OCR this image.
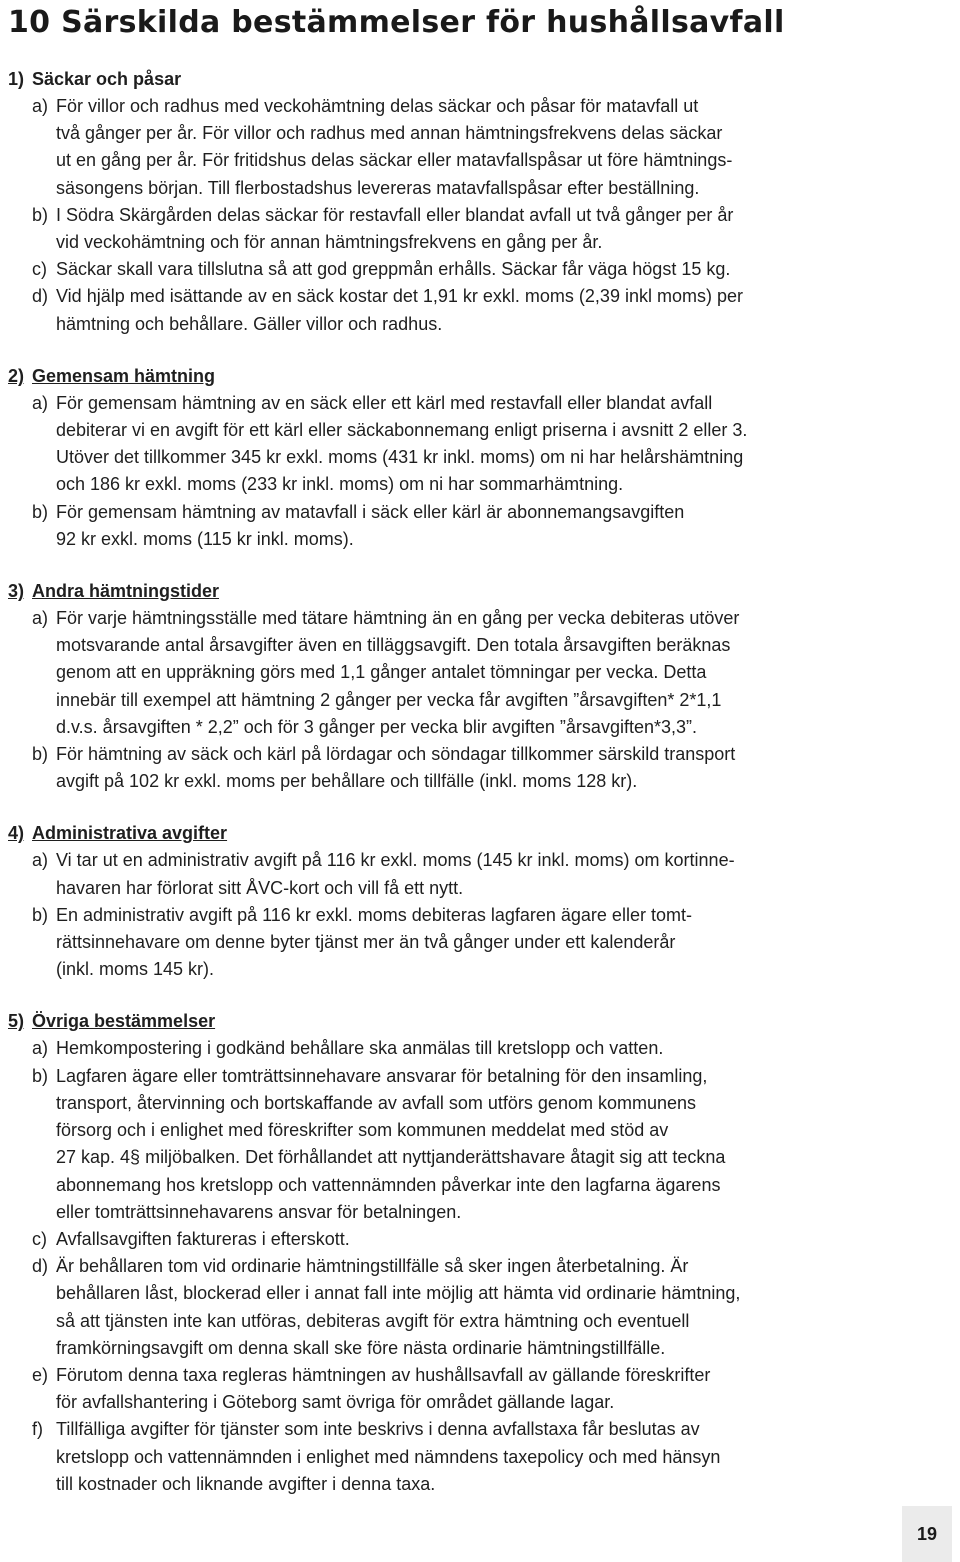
10 Särskilda bestämmelser för hushållsavfall
1) Säckar och påsar
a) För villor och radhus med veckohämtning delas säckar och påsar för matavfall ut
två gånger per år. För villor och radhus med annan hämtningsfrekvens delas säckar
ut en gång per år. För fritidshus delas säckar eller matavfallspåsar ut före hämtnings-
säsongens början. Till flerbostadshus levereras matavfallspåsar efter beställning.
b) I Södra Skärgården delas säckar för restavfall eller blandat avfall ut två gånger per år
vid veckohämtning och för annan hämtningsfrekvens en gång per år.
c) Säckar skall vara tillslutna så att god greppmån erhålls. Säckar får väga högst 15 kg.
d) Vid hjälp med isättande av en säck kostar det 1,91 kr exkl. moms (2,39 inkl moms) per
hämtning och behållare. Gäller villor och radhus.
2) Gemensam hämtning
a) För gemensam hämtning av en säck eller ett kärl med restavfall eller blandat avfall
debiterar vi en avgift för ett kärl eller säckabonnemang enligt priserna i avsnitt 2 eller 3.
Utöver det tillkommer 345 kr exkl. moms (431 kr inkl. moms) om ni har helårshämtning
och 186 kr exkl. moms (233 kr inkl. moms) om ni har sommarhämtning.
b) För gemensam hämtning av matavfall i säck eller kärl är abonnemangsavgiften
92 kr exkl. moms (115 kr inkl. moms).
3) Andra hämtningstider
a) För varje hämtningsställe med tätare hämtning än en gång per vecka debiteras utöver
motsvarande antal årsavgifter även en tilläggsavgift. Den totala årsavgiften beräknas
genom att en uppräkning görs med 1,1 gånger antalet tömningar per vecka. Detta
innebär till exempel att hämtning 2 gånger per vecka får avgiften ”årsavgiften* 2*1,1
d.v.s. årsavgiften * 2,2” och för 3 gånger per vecka blir avgiften ”årsavgiften*3,3”.
b) För hämtning av säck och kärl på lördagar och söndagar tillkommer särskild transport
avgift på 102 kr exkl. moms per behållare och tillfälle (inkl. moms 128 kr).
4) Administrativa avgifter
a) Vi tar ut en administrativ avgift på 116 kr exkl. moms (145 kr inkl. moms) om kortinne-
havaren har förlorat sitt ÅVC-kort och vill få ett nytt.
b) En administrativ avgift på 116 kr exkl. moms debiteras lagfaren ägare eller tomt-
rättsinnehavare om denne byter tjänst mer än två gånger under ett kalenderår
(inkl. moms 145 kr).
5) Övriga bestämmelser
a) Hemkompostering i godkänd behållare ska anmälas till kretslopp och vatten.
b) Lagfaren ägare eller tomträttsinnehavare ansvarar för betalning för den insamling,
transport, återvinning och bortskaffande av avfall som utförs genom kommunens
försorg och i enlighet med föreskrifter som kommunen meddelat med stöd av
27 kap. 4§ miljöbalken. Det förhållandet att nyttjanderättshavare åtagit sig att teckna
abonnemang hos kretslopp och vattennämnden påverkar inte den lagfarna ägarens
eller tomträttsinnehavarens ansvar för betalningen.
c) Avfallsavgiften faktureras i efterskott.
d) Är behållaren tom vid ordinarie hämtningstillfälle så sker ingen återbetalning. Är
behållaren låst, blockerad eller i annat fall inte möjlig att hämta vid ordinarie hämtning,
så att tjänsten inte kan utföras, debiteras avgift för extra hämtning och eventuell
framkörningsavgift om denna skall ske före nästa ordinarie hämtningstillfälle.
e) Förutom denna taxa regleras hämtningen av hushållsavfall av gällande föreskrifter
för avfallshantering i Göteborg samt övriga för området gällande lagar.
f) Tillfälliga avgifter för tjänster som inte beskrivs i denna avfallstaxa får beslutas av
kretslopp och vattennämnden i enlighet med nämndens taxepolicy och med hänsyn
till kostnader och liknande avgifter i denna taxa.
19
